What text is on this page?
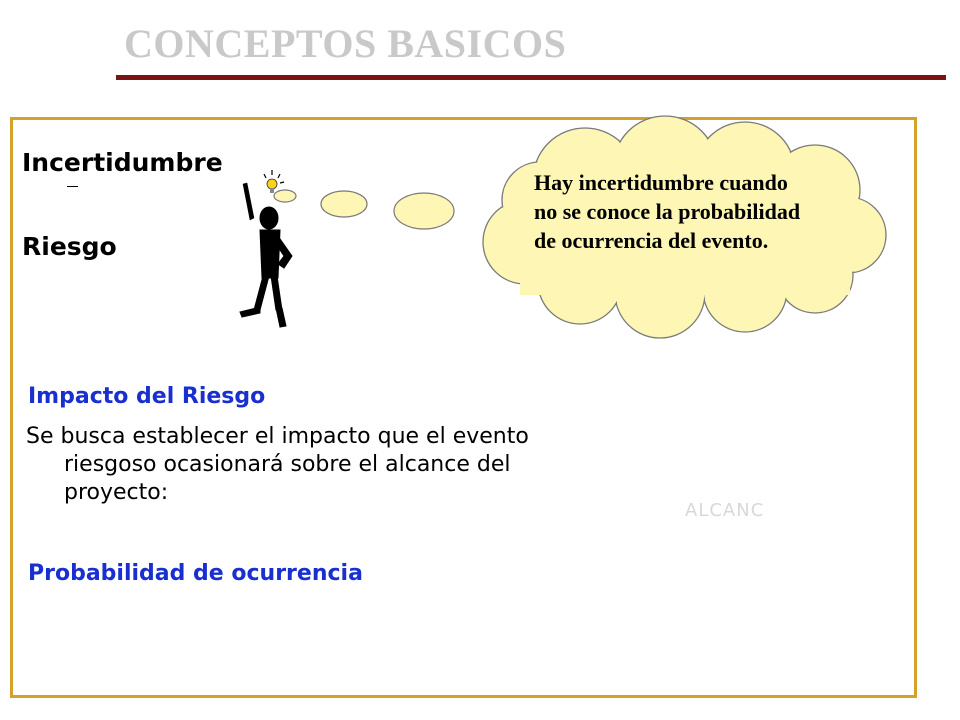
CONCEPTOS BASICOS
Incertidumbre
Riesgo
Hay incertidumbre cuando
no se conoce la probabilidad
de ocurrencia del evento.
Impacto del Riesgo
Se busca establecer el impacto que el evento
riesgoso ocasionará sobre el alcance del
proyecto:
ALCANC
Probabilidad de ocurrencia
